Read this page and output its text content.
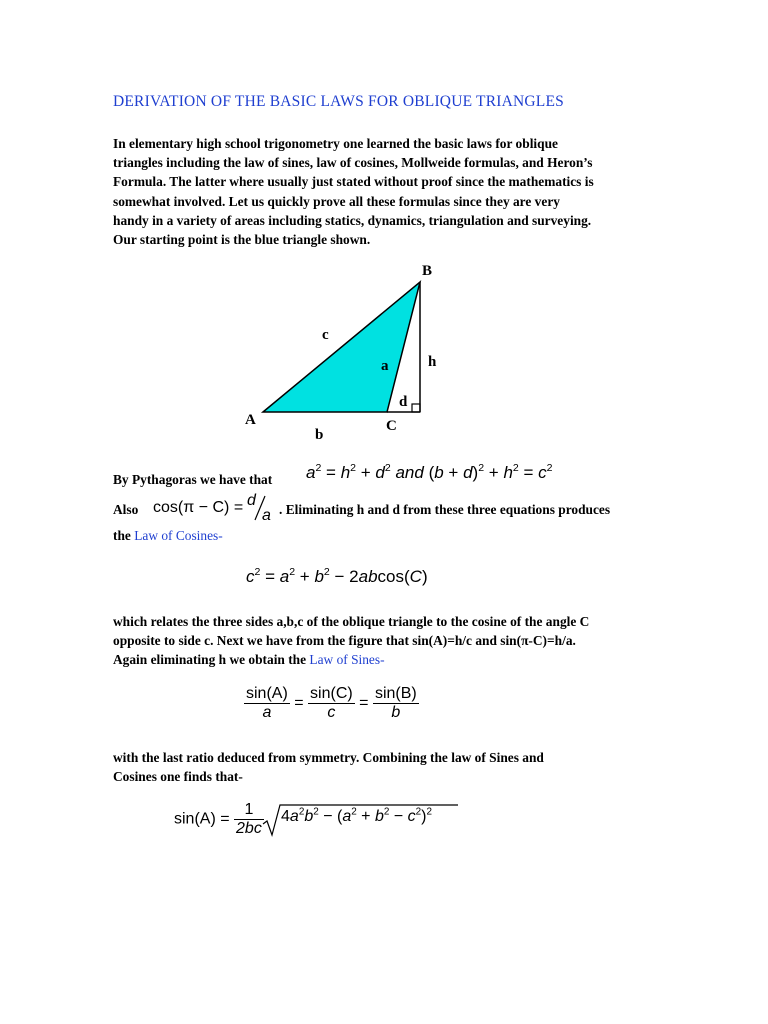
DERIVATION OF THE BASIC LAWS FOR OBLIQUE TRIANGLES
In elementary high school trigonometry one learned the basic laws for oblique
triangles including the law of sines, law of cosines, Mollweide formulas, and Heron’s
Formula. The latter where usually just stated without proof since the mathematics is
somewhat involved. Let us quickly prove all these formulas since they are very
handy in a variety of areas including statics, dynamics, triangulation and surveying.
Our starting point is the blue triangle shown.
B
A	C
c
a	h
d
b
By Pythagoras we have that $a^2 = h^2 + d^2$ and $(b + d)^2 + h^2 = c^2$
Also cos(π − C) = d
a . Eliminating h and d from these three equations produces
the Law of Cosines-
$c^2 = a^2 + b^2 - 2abcos(C)$
which relates the three sides a,b,c of the oblique triangle to the cosine of the angle C
opposite to side c. Next we have from the figure that sin(A)=h/c and sin(π-C)=h/a.
Again eliminating h we obtain the Law of Sines-
$\frac{\sin(A)}{a} = \frac{\sin(C)}{c} = \frac{\sin(B)}{b}$
with the last ratio deduced from symmetry. Combining the law of Sines and
Cosines one finds that-
$\sin(A) = \frac{1}{2bc} 4a^2b^2 - (a^2 + b^2 - c^2)^2$
